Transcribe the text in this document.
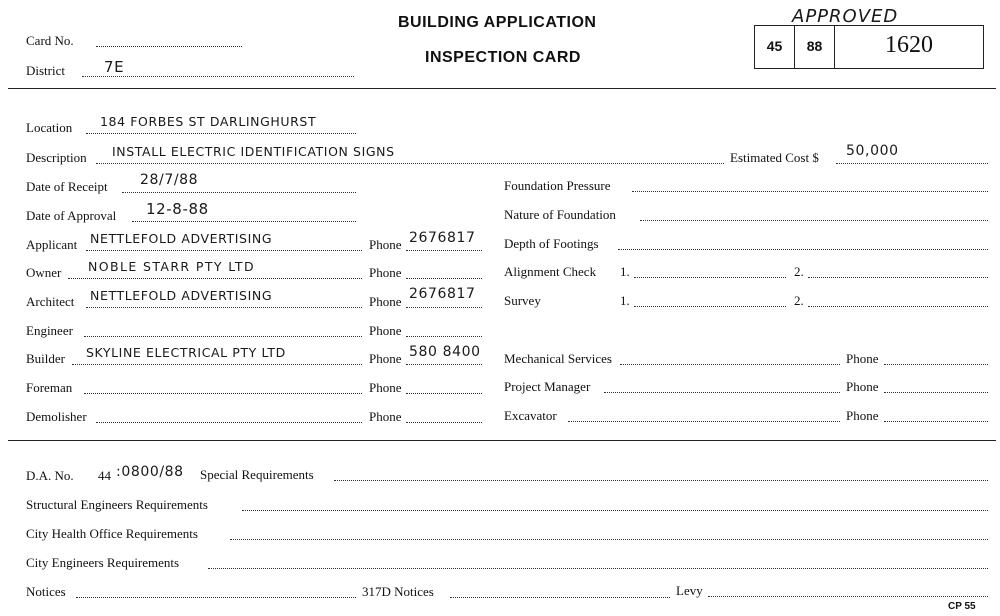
Card No.
District	7E
BUILDING APPLICATION
INSPECTION CARD
APPROVED
45	88	1620
Location 184 FORBES ST DARLINGHURST
Description INSTALL ELECTRIC IDENTIFICATION SIGNS	Estimated Cost $ 50,000
Date of Receipt 28/7/88	Foundation Pressure
Date of Approval 12-8-88	Nature of Foundation
Applicant NETTLEFOLD ADVERTISING	Phone 2676817 Depth of Footings
Owner NOBLE STARR PTY LTD	Phone	Alignment Check 1.	2.
Architect NETTLEFOLD ADVERTISING	Phone 2676817 Survey	1.	2.
Engineer	Phone
Builder SKYLINE ELECTRICAL PTY LTD	Phone 580 8400 Mechanical Services	Phone
Foreman	Phone	Project Manager	Phone
Demolisher	Phone	Excavator	Phone
D.A. No. 44 :0800/88 Special Requirements
Structural Engineers Requirements
City Health Office Requirements
City Engineers Requirements
Notices	317D Notices	Levy
CP 55
